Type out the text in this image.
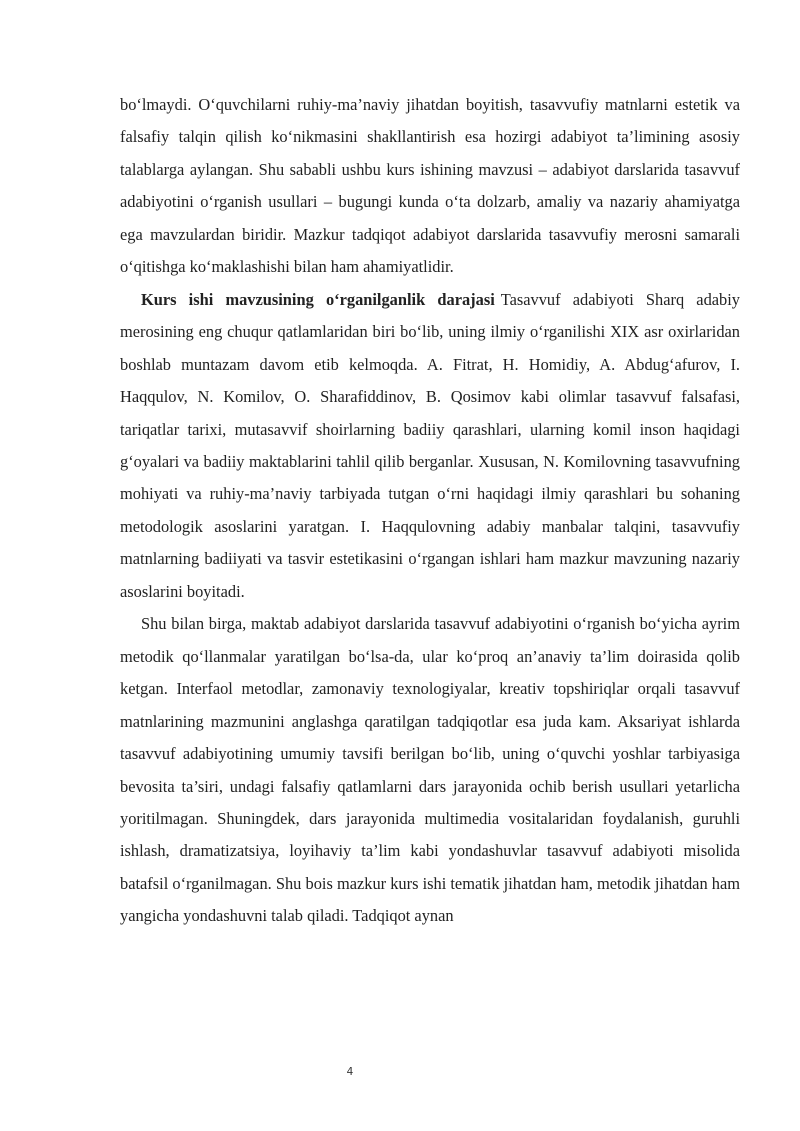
bo‘lmaydi. O‘quvchilarni ruhiy-ma’naviy jihatdan boyitish, tasavvufiy matnlarni estetik va falsafiy talqin qilish ko‘nikmasini shakllantirish esa hozirgi adabiyot ta’limining asosiy talablarga aylangan. Shu sababli ushbu kurs ishining mavzusi – adabiyot darslarida tasavvuf adabiyotini o‘rganish usullari – bugungi kunda o‘ta dolzarb, amaliy va nazariy ahamiyatga ega mavzulardan biridir. Mazkur tadqiqot adabiyot darslarida tasavvufiy merosni samarali o‘qitishga ko‘maklashishi bilan ham ahamiyatlidir.

Kurs ishi mavzusining o‘rganilganlik darajasi Tasavvuf adabiyoti Sharq adabiy merosining eng chuqur qatlamlaridan biri bo‘lib, uning ilmiy o‘rganilishi XIX asr oxirlaridan boshlab muntazam davom etib kelmoqda. A. Fitrat, H. Homidiy, A. Abdug‘afurov, I. Haqqulov, N. Komilov, O. Sharafiddinov, B. Qosimov kabi olimlar tasavvuf falsafasi, tariqatlar tarixi, mutasavvif shoirlarning badiiy qarashlari, ularning komil inson haqidagi g‘oyalari va badiiy maktablarini tahlil qilib berganlar. Xususan, N. Komilovning tasavvufning mohiyati va ruhiy-ma’naviy tarbiyada tutgan o‘rni haqidagi ilmiy qarashlari bu sohaning metodologik asoslarini yaratgan. I. Haqqulovning adabiy manbalar talqini, tasavvufiy matnlarning badiiyati va tasvir estetikasini o‘rgangan ishlari ham mazkur mavzuning nazariy asoslarini boyitadi.

Shu bilan birga, maktab adabiyot darslarida tasavvuf adabiyotini o‘rganish bo‘yicha ayrim metodik qo‘llanmalar yaratilgan bo‘lsa-da, ular ko‘proq an’anaviy ta’lim doirasida qolib ketgan. Interfaol metodlar, zamonaviy texnologiyalar, kreativ topshiriqlar orqali tasavvuf matnlarining mazmunini anglashga qaratilgan tadqiqotlar esa juda kam. Aksariyat ishlarda tasavvuf adabiyotining umumiy tavsifi berilgan bo‘lib, uning o‘quvchi yoshlar tarbiyasiga bevosita ta’siri, undagi falsafiy qatlamlarni dars jarayonida ochib berish usullari yetarlicha yoritilmagan. Shuningdek, dars jarayonida multimedia vositalaridan foydalanish, guruhli ishlash, dramatizatsiya, loyihaviy ta’lim kabi yondashuvlar tasavvuf adabiyoti misolida batafsil o‘rganilmagan. Shu bois mazkur kurs ishi tematik jihatdan ham, metodik jihatdan ham yangicha yondashuvni talab qiladi. Tadqiqot aynan

4
